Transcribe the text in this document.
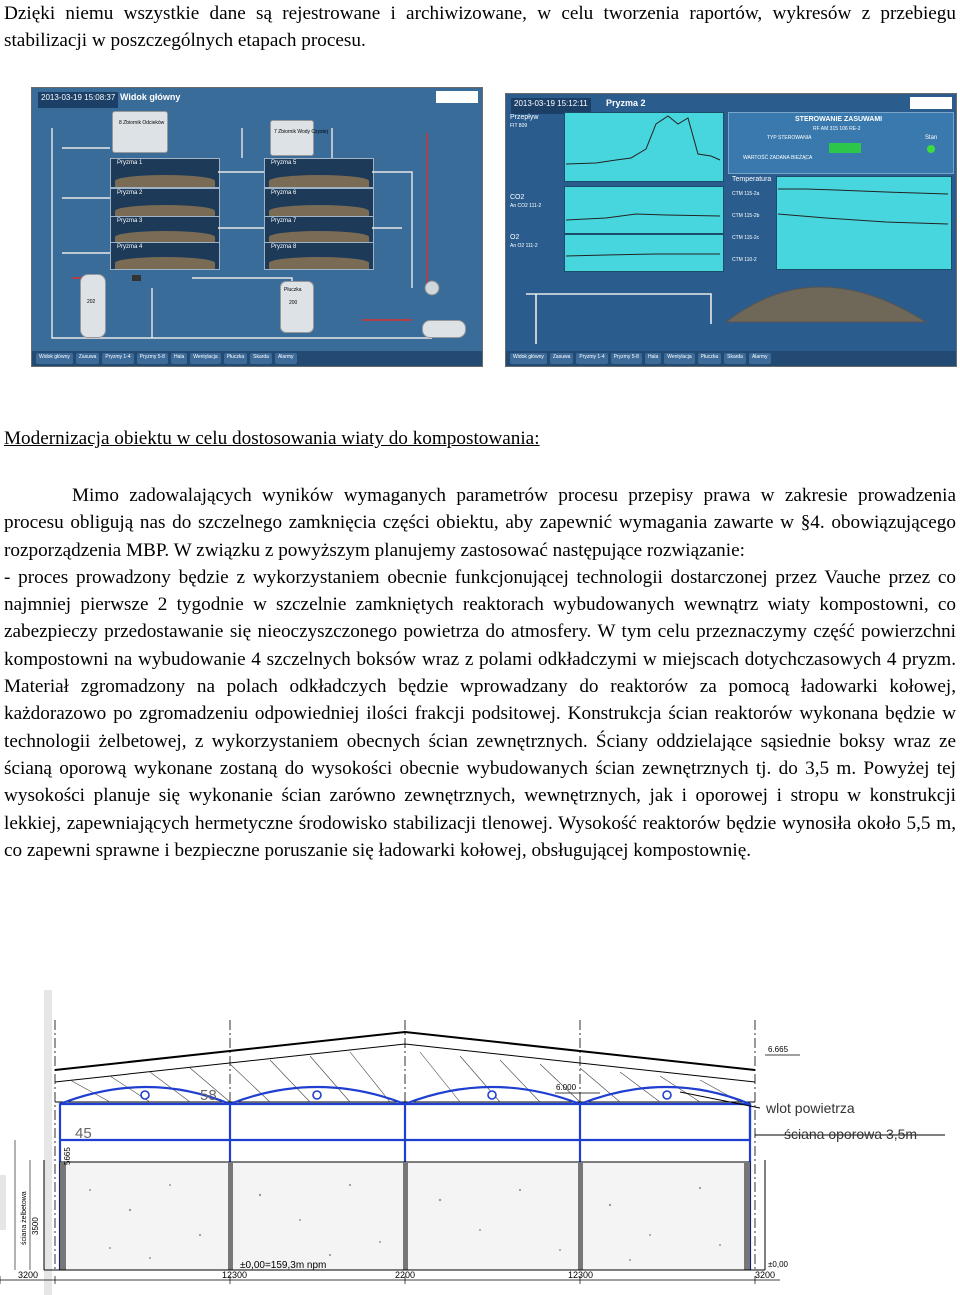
Dzięki niemu wszystkie dane są rejestrowane i archiwizowane, w celu tworzenia raportów, wykresów z przebiegu stabilizacji w poszczególnych etapach procesu.
2013-03-19 15:08:37 Widok główny
8 Zbiornik Odcieków
7 Zbiornik Wody Czystej
Pryzma 1
Pryzma 2
Pryzma 3
Pryzma 4
Pryzma 5
Pryzma 6
Pryzma 7
Pryzma 8
202
Płuczka
200
Widok główny	Zasuwa	Pryzmy 1-4	Pryzmy 5-8	Hala	Wentylacja	Płuczka	Skarda	Alarmy
2013-03-19 15:12:11	Pryzma 2
Przepływ
FIT 809
CO2
An CO2 111-2
O2
An O2 111-2
STEROWANIE ZASUWAMI
RF AM 315 106 RE-2
TYP STEROWANIA
WARTOŚĆ ZADANA BIEŻĄCA
Stan
Temperatura
CTM 115-2a
CTM 115-2b
CTM 115-2c
CTM 110-2
Widok główny	Zasuwa	Pryzmy 1-4	Pryzmy 5-8	Hala	Wentylacja	Płuczka	Skarda	Alarmy
Modernizacja obiektu w celu dostosowania wiaty do kompostowania:
Mimo zadowalających wyników wymaganych parametrów procesu przepisy prawa w zakresie prowadzenia procesu obligują nas do szczelnego zamknięcia części obiektu, aby zapewnić wymagania zawarte w §4. obowiązującego rozporządzenia MBP. W związku z powyższym planujemy zastosować następujące rozwiązanie:
- proces prowadzony będzie z wykorzystaniem obecnie funkcjonującej technologii dostarczonej przez Vauche przez co najmniej pierwsze 2 tygodnie w szczelnie zamkniętych reaktorach wybudowanych wewnątrz wiaty kompostowni, co zabezpieczy przedostawanie się nieoczyszczonego powietrza do atmosfery. W tym celu przeznaczymy część powierzchni kompostowni na wybudowanie 4 szczelnych boksów wraz z polami odkładczymi w miejscach dotychczasowych 4 pryzm. Materiał zgromadzony na polach odkładczych będzie wprowadzany do reaktorów za pomocą ładowarki kołowej, każdorazowo po zgromadzeniu odpowiedniej ilości frakcji podsitowej. Konstrukcja ścian reaktorów wykonana będzie w technologii żelbetowej, z wykorzystaniem obecnych ścian zewnętrznych. Ściany oddzielające sąsiednie boksy wraz ze ścianą oporową wykonane zostaną do wysokości obecnie wybudowanych ścian zewnętrznych tj. do 3,5 m. Powyżej tej wysokości planuje się wykonanie ścian zarówno zewnętrznych, wewnętrznych, jak i oporowej i stropu w konstrukcji lekkiej, zapewniających hermetyczne środowisko stabilizacji tlenowej. Wysokość reaktorów będzie wynosiła około 5,5 m, co zapewni sprawne i bezpieczne poruszanie się ładowarki kołowej, obsługującej kompostownię.
6.665
6.000
58
45
ściana żelbetowa 3500
5665
±0,00=159,3m npm	±0,00
wlot powietrza
ściana oporowa 3,5m
3200	12300	2200	12300	3200
